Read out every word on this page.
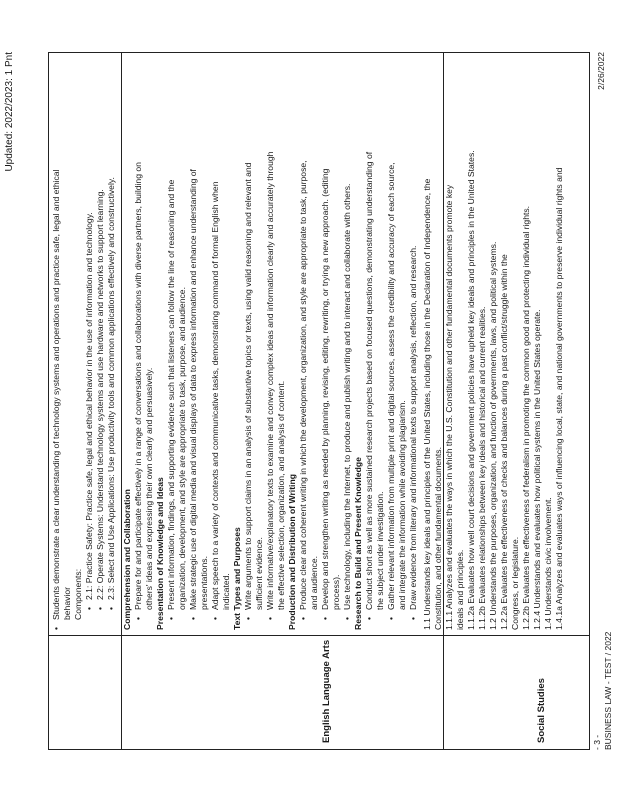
Updated: 2022/2023: 1 Pnt
English Language Arts	Social Studies
• Students demonstrate a clear understanding of technology systems and operations and practice safe, legal and ethical behavior Components: • 2.1: Practice Safety: Practice safe, legal and ethical behavior in the use of information and technology. • 2.2: Operate Systems: Understand technology systems and use hardware and networks to support learning. • 2.3: Select and Use Applications: Use productivity tools and common applications effectively and constructively. Comprehension and Collaboration • Prepare for and participate effectively in a range of conversations and collaborations with diverse partners, building on others' ideas and expressing their own clearly and persuasively. Presentation of Knowledge and Ideas • Present information, findings, and supporting evidence such that listeners can follow the line of reasoning and the organization, development, and style are appropriate to task, purpose, and audience. • Make strategic use of digital media and visual displays of data to express information and enhance understanding of presentations. • Adapt speech to a variety of contexts and communicative tasks, demonstrating command of formal English when indicated. Text Types and Purposes • Write arguments to support claims in an analysis of substantive topics or texts, using valid reasoning and relevant and sufficient evidence. • Write informative/explanatory texts to examine and convey complex ideas and information clearly and accurately through the effective selection, organization, and analysis of content. Production and Distribution of Writing • Produce clear and coherent writing in which the development, organization, and style are appropriate to task, purpose, and audience. • Develop and strengthen writing as needed by planning, revising, editing, rewriting, or trying a new approach. (editing process). • Use technology, including the Internet, to produce and publish writing and to interact and collaborate with others. Research to Build and Present Knowledge • Conduct short as well as more sustained research projects based on focused questions, demonstrating understanding of the subject under investigation. • Gather relevant information from multiple print and digital sources, assess the credibility and accuracy of each source, and integrate the information while avoiding plagiarism. • Draw evidence from literary and informational texts to support analysis, reflection, and research. 1.1 Understands key ideals and principles of the United States, including those in the Declaration of Independence, the Constitution, and other fundamental documents. 1.1.1 Analyzes and evaluates the ways in which the U.S. Constitution and other fundamental documents promote key ideals and principles. 1.1.2a Evaluates how well court decisions and government policies have upheld key ideals and principles in the United States. 1.1.2b Evaluates relationships between key ideals and historical and current realities. 1.2 Understands the purposes, organization, and function of governments, laws, and political systems. 1.2.2a Evaluates the effectiveness of checks and balances during a past conflict/struggle within the Congress, or legislature. 1.2.2b Evaluates the effectiveness of federalism in promoting the common good and protecting individual rights. 1.2.4 Understands and evaluates how political systems in the United States operate. 1.4 Understands civic involvement. 1.4.1a Analyzes and evaluates ways of influencing local, state, and national governments to preserve individual rights and
- 3 - BUSINESS LAW - TEST / 2022
2/26/2022
